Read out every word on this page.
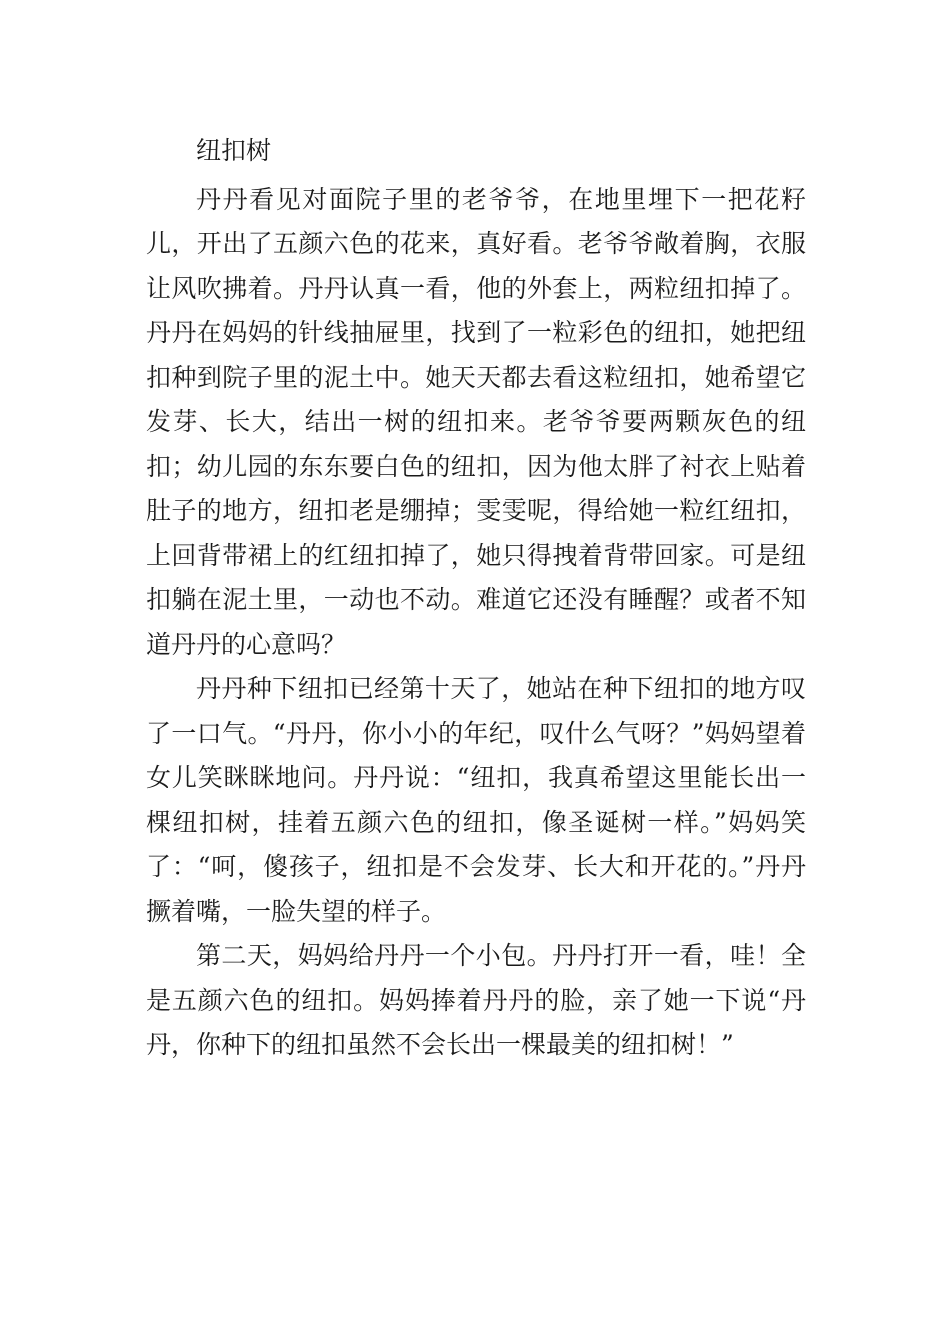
纽扣树

丹丹看见对面院子里的老爷爷，在地里埋下一把花籽儿，开出了五颜六色的花来，真好看。老爷爷敞着胸，衣服让风吹拂着。丹丹认真一看，他的外套上，两粒纽扣掉了。丹丹在妈妈的针线抽屉里，找到了一粒彩色的纽扣，她把纽扣种到院子里的泥土中。她天天都去看这粒纽扣，她希望它发芽、长大，结出一树的纽扣来。老爷爷要两颗灰色的纽扣；幼儿园的东东要白色的纽扣，因为他太胖了衬衣上贴着肚子的地方，纽扣老是绷掉；雯雯呢，得给她一粒红纽扣，上回背带裙上的红纽扣掉了，她只得拽着背带回家。可是纽扣躺在泥土里，一动也不动。难道它还没有睡醒？或者不知道丹丹的心意吗？

丹丹种下纽扣已经第十天了，她站在种下纽扣的地方叹了一口气。“丹丹，你小小的年纪，叹什么气呀？”妈妈望着女儿笑眯眯地问。丹丹说：“纽扣，我真希望这里能长出一棵纽扣树，挂着五颜六色的纽扣，像圣诞树一样。”妈妈笑了：“呵，傻孩子，纽扣是不会发芽、长大和开花的。”丹丹撅着嘴，一脸失望的样子。

第二天，妈妈给丹丹一个小包。丹丹打开一看，哇！全是五颜六色的纽扣。妈妈捧着丹丹的脸，亲了她一下说“丹丹，你种下的纽扣虽然不会长出一棵最美的纽扣树！”
